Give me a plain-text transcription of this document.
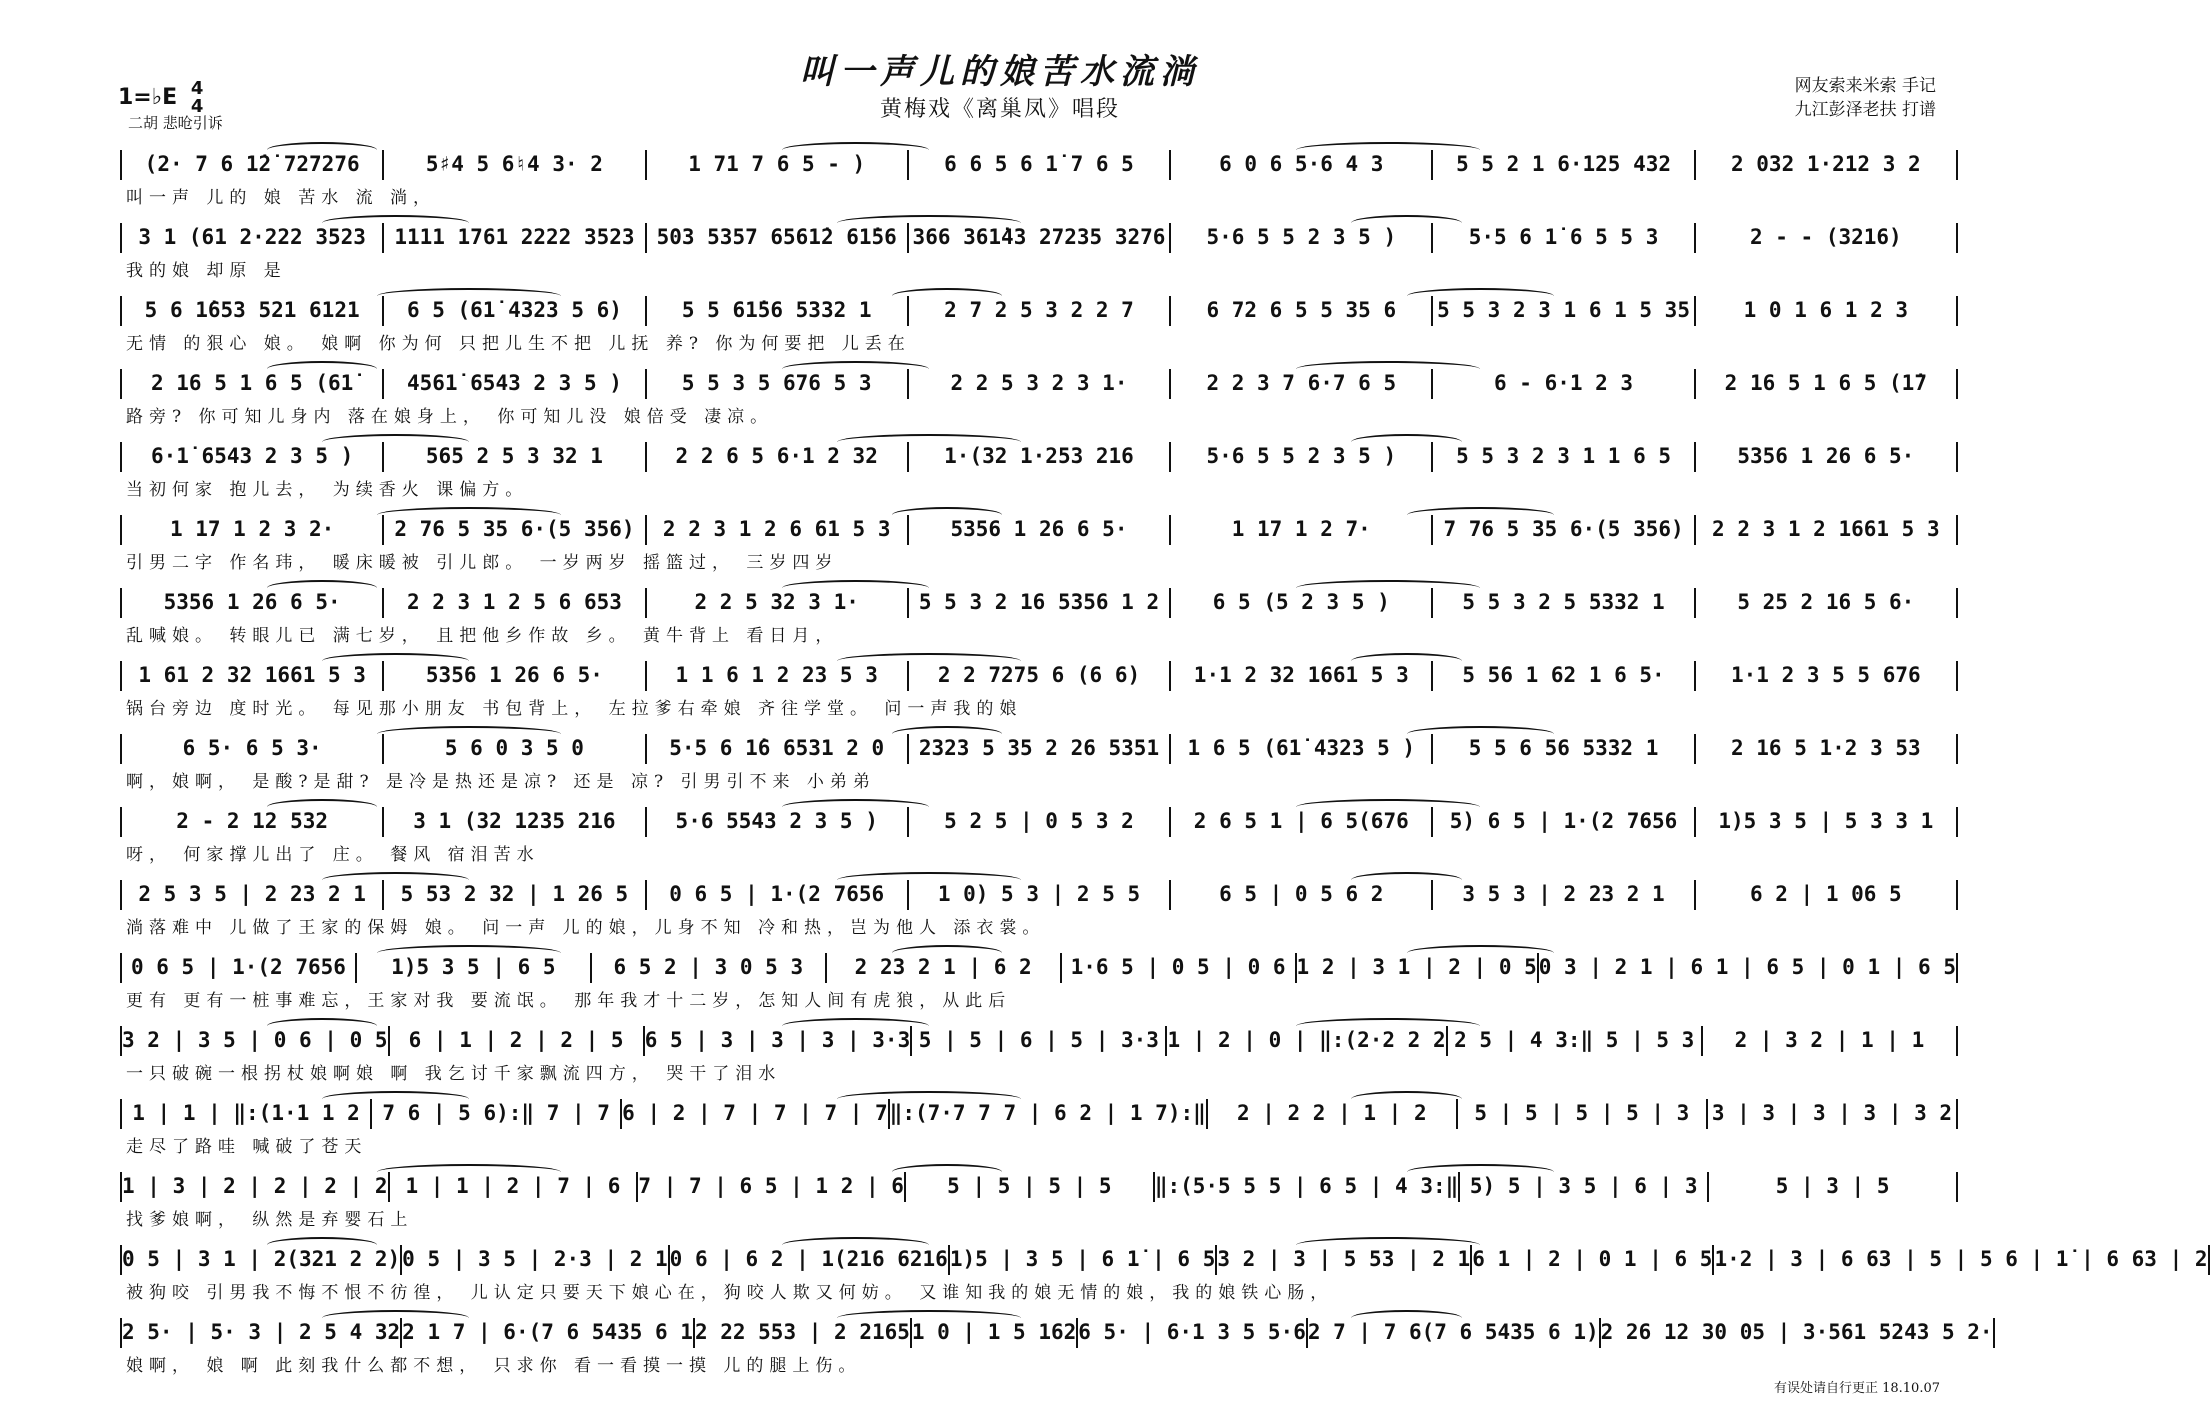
叫一声儿的娘苦水流淌
黄梅戏《离巢凤》唱段
1=♭E 4
4
二胡 悲呛引诉
网友索来米索 手记
九江彭泽老扶 打谱
(2· 7 6 1̇2̇ 727276	5♯4 5 6♮4 3· 2	1 71 7 6 5 - )	6 6 5 6 1̇ 7 6 5	6 0 6 5·6 4 3	5 5 2 1 6·125 432	2 032 1·212 3 2
叫一声 儿的 娘 苦水 流 淌，
3 1 (61 2·222 3523	1111 1761 2222 3523	503 5357 6561̇2 61̇56 366 361̇43 27235 3276	5·6 5 5 2 3 5 )	5·5 6 1̇ 6 5 5 3	2 - - (3216)
我的娘 却原 是
5 6 1̇653 521 6121	6 5 (61̇ 4323 5 6)	5 5 61̇56 5332 1	2 7 2 5 3 2 2 7	6 72 6 5 5 35 6	5 5 3 2 3 1 6 1 5 35	1 0 1 6 1 2 3
无情 的狠心 娘。 娘啊 你为何 只把儿生不把 儿抚 养? 你为何要把 儿丢在
2 16 5 1 6 5 (61̇	4561̇ 6543 2 3 5 )	5 5 3 5 676 5 3	2 2 5 3 2 3 1·	2 2 3 7 6·7 6 5	6 - 6·1 2 3	2 16 5 1 6 5 (1̇7
路旁? 你可知儿身内 落在娘身上， 你可知儿没 娘倍受 凄凉。
6·1̇ 6543 2 3 5 )	565 2 5 3 32 1	2 2 6 5 6·1 2 32	1·(32 1·253 216	5·6 5 5 2 3 5 )	5 5 3 2 3 1 1 6 5	5356 1 26 6 5·
当初何家 抱儿去， 为续香火 课偏方。
1 17 1 2 3 2·	2 76 5 35 6·(5 356)	2 2 3 1 2 6 61 5 3	5356 1 26 6 5·	1 17 1 2 7·	7 76 5 35 6·(5 356)	2 2 3 1 2 1661 5 3
引男二字 作名玮， 暖床暖被 引儿郎。 一岁两岁 摇篮过， 三岁四岁
5356 1 26 6 5·	2 2 3 1 2 5 6 653	2 2 5 32 3 1·	5 5 3 2 16 5356 1 2	6 5 (5 2 3 5 )	5 5 3 2 5 5332 1	5 25 2 16 5 6·
乱喊娘。 转眼儿已 满七岁， 且把他乡作故 乡。 黄牛背上 看日月，
1 61 2 32 1661 5 3	5356 1 26 6 5·	1 1 6 1 2 23 5 3	2 2 7275 6 (6 6)	1·1 2 32 1661 5 3	5 56 1 62 1 6 5·	1·1 2 3 5 5 676
锅台旁边 度时光。 每见那小朋友 书包背上， 左拉爹右牵娘 齐往学堂。 问一声我的娘
6 5· 6 5 3·	5 6 0 3 5 0	5·5 6 1̇6 6531 2 0	2323 5 35 2 26 5351	1 6 5 (61̇ 4323 5 )	5 5 6 56 5332 1	2 16 5 1·2 3 53
啊，娘啊， 是酸?是甜? 是冷是热还是凉? 还是 凉? 引男引不来 小弟弟
2 - 2 12 532	3 1 (32 1235 216	5·6 5543 2 3 5 )	5 2 5 | 0 5 3 2	2 6 5 1 | 6 5(676	5) 6 5 | 1·(2 7656	1)5 3 5 | 5 3 3 1
呀， 何家撑儿出了 庄。 餐风 宿泪苦水
2 5 3 5 | 2 23 2 1	5 53 2 32 | 1 26 5	0 6 5 | 1·(2 7656	1 0) 5 3 | 2 5 5	6 5 | 0 5 6 2	3 5 3 | 2 23 2 1	6 2 | 1 06 5
淌落难中 儿做了王家的保姆 娘。 问一声 儿的娘，儿身不知 冷和热，岂为他人 添衣裳。
0 6 5 | 1·(2 7656	1)5 3 5 | 6 5	6 5 2 | 3 0 5 3	2 23 2 1 | 6 2	1·6 5 | 0 5 | 0 6 1 2 | 3 1 | 2 | 0 5 0 3 | 2 1 | 6 1 | 6 5 | 0 1 | 6 5
更有 更有一桩事难忘，王家对我 要流氓。 那年我才十二岁，怎知人间有虎狼，从此后
3 2 | 3 5 | 0 6 | 0 5	6 | 1 | 2 | 2 | 5	6 5 | 3 | 3 | 3 | 3·3 5 | 5 | 6 | 5 | 3·3 1 | 2 | 0 | ‖:(2·2 2 2 2 5 | 4 3:‖ 5 | 5 3	2 | 3 2 | 1 | 1
一只破碗一根拐杖娘啊娘 啊 我乞讨千家飘流四方， 哭干了泪水
1 | 1 | ‖:(1·1 1 2	7 6 | 5 6):‖ 7 | 7 6 | 2 | 7 | 7 | 7 | 7 ‖:(7·7 7 7 | 6 2 | 1 7):‖	2 | 2 2 | 1 | 2	5 | 5 | 5 | 5 | 3	3 | 3 | 3 | 3 | 3 2
走尽了路哇 喊破了苍天
1 | 3 | 2 | 2 | 2 | 2 1 | 1 | 2 | 7 | 6 7 | 7 | 6 5 | 1 2 | 6	5 | 5 | 5 | 5	‖:(5·5 5 5 | 6 5 | 4 3:‖ 5) 5 | 3 5 | 6 | 3	5 | 3 | 5
找爹娘啊， 纵然是弃婴石上
0 5 | 3 1 | 2(321 2 2) 0 5 | 3 5 | 2·3 | 2 1 0 6 | 6 2 | 1(216 6216 1)5 | 3 5 | 6 1̇ | 6 5 3 2 | 3 | 5 53 | 2 1 6 1 | 2 | 0 1 | 6 5 1·2 | 3 | 6 63 | 5 | 5 6 | 1̇ | 6 63 | 2
被狗咬 引男我不悔不恨不彷徨， 儿认定只要天下娘心在，狗咬人欺又何妨。 又谁知我的娘无情的娘，我的娘铁心肠，
2 5· | 5· 3 | 2 5 4 32 2 1 7 | 6·(7 6 5435 6 1 2 22 553 | 2 2165 1 0 | 1 5 162 6 5· | 6·1 3 5 5·6 2 7 | 7 6(7 6 5435 6 1) 2 26 12 30 05 | 3·561 5243 5 2·
娘啊， 娘 啊 此刻我什么都不想， 只求你 看一看摸一摸 儿的腿上伤。
有误处请自行更正 18.10.07
